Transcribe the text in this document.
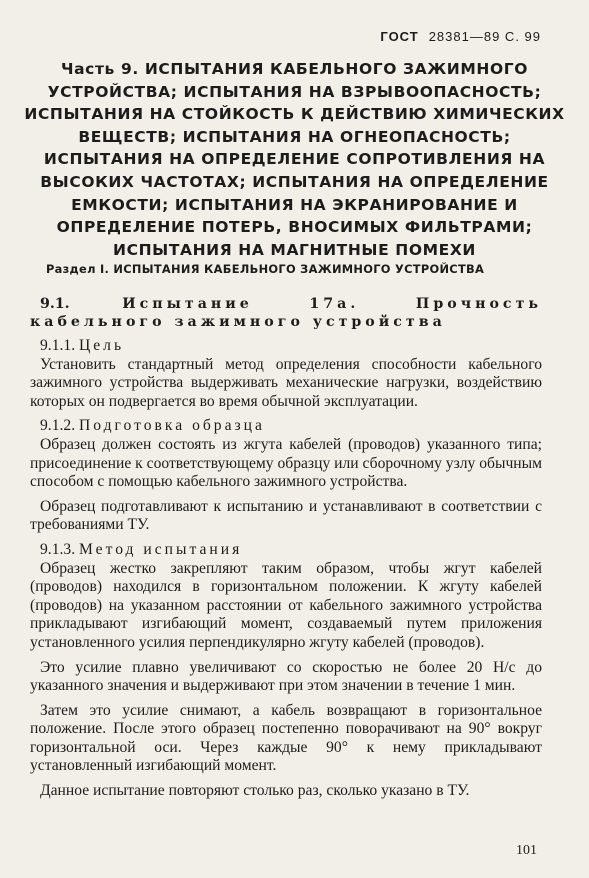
ГОСТ 28381—89 С. 99
Часть 9. ИСПЫТАНИЯ КАБЕЛЬНОГО ЗАЖИМНОГО УСТРОЙСТВА; ИСПЫТАНИЯ НА ВЗРЫВООПАСНОСТЬ; ИСПЫТАНИЯ НА СТОЙКОСТЬ К ДЕЙСТВИЮ ХИМИЧЕСКИХ ВЕЩЕСТВ; ИСПЫТАНИЯ НА ОГНЕОПАСНОСТЬ; ИСПЫТАНИЯ НА ОПРЕДЕЛЕНИЕ СОПРОТИВЛЕНИЯ НА ВЫСОКИХ ЧАСТОТАХ; ИСПЫТАНИЯ НА ОПРЕДЕЛЕНИЕ ЕМКОСТИ; ИСПЫТАНИЯ НА ЭКРАНИРОВАНИЕ И ОПРЕДЕЛЕНИЕ ПОТЕРЬ, ВНОСИМЫХ ФИЛЬТРАМИ; ИСПЫТАНИЯ НА МАГНИТНЫЕ ПОМЕХИ
Раздел I. ИСПЫТАНИЯ КАБЕЛЬНОГО ЗАЖИМНОГО УСТРОЙСТВА

9.1.	Испытание 17а. Прочность кабельного зажимного устройства

9.1.1. Цель

Установить стандартный метод определения способности кабельного зажимного устройства выдерживать механические нагрузки, воздействию которых он подвергается во время обычной эксплуатации.

9.1.2. Подготовка образца

Образец должен состоять из жгута кабелей (проводов) указанного типа; присоединение к соответствующему образцу или сборочному узлу обычным способом с помощью кабельного зажимного устройства.

Образец подготавливают к испытанию и устанавливают в соответствии с требованиями ТУ.

9.1.3. Метод испытания

Образец жестко закрепляют таким образом, чтобы жгут кабелей (проводов) находился в горизонтальном положении. К жгуту кабелей (проводов) на указанном расстоянии от кабельного зажимного устройства прикладывают изгибающий момент, создаваемый путем приложения установленного усилия перпендикулярно жгуту кабелей (проводов).

Это усилие плавно увеличивают со скоростью не более 20 Н/с до указанного значения и выдерживают при этом значении в течение 1 мин.

Затем это усилие снимают, а кабель возвращают в горизонтальное положение. После этого образец постепенно поворачивают на 90° вокруг горизонтальной оси. Через каждые 90° к нему прикладывают установленный изгибающий момент.

Данное испытание повторяют столько раз, сколько указано в ТУ.

101
